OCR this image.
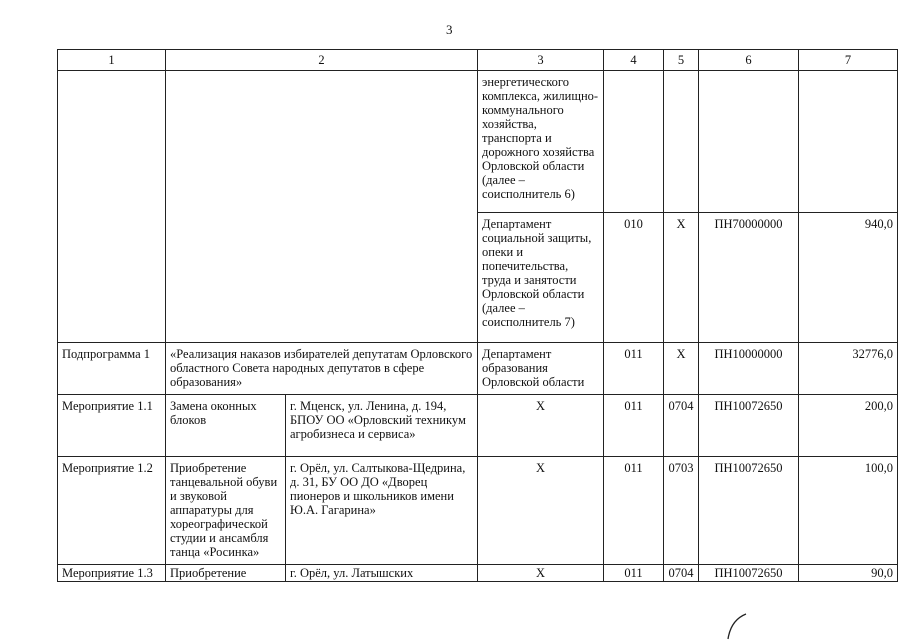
3
1	2		3	4	5	6	7
			энергетического комплекса, жилищно-коммунального хозяйства, транспорта и дорожного хозяйства Орловской области (далее – соисполнитель 6)				
			Департамент социальной защиты, опеки и попечительства, труда и занятости Орловской области (далее – соисполнитель 7)	010	X	ПН70000000	940,0
Подпрограмма 1	«Реализация наказов избирателей депутатам Орловского областного Совета народных депутатов в сфере образования»		Департамент образования Орловской области	011	X	ПН10000000	32776,0
Мероприятие 1.1	Замена оконных блоков	г. Мценск, ул. Ленина, д. 194, БПОУ ОО «Орловский техникум агробизнеса и сервиса»	X	011	0704	ПН10072650	200,0
Мероприятие 1.2	Приобретение танцевальной обуви и звуковой аппаратуры для хореографической студии и ансамбля танца «Росинка»	г. Орёл, ул. Салтыкова-Щедрина, д. 31, БУ ОО ДО «Дворец пионеров и школьников имени Ю.А. Гагарина»	X	011	0703	ПН10072650	100,0
Мероприятие 1.3	Приобретение	г. Орёл, ул. Латышских	X	011	0704	ПН10072650	90,0
